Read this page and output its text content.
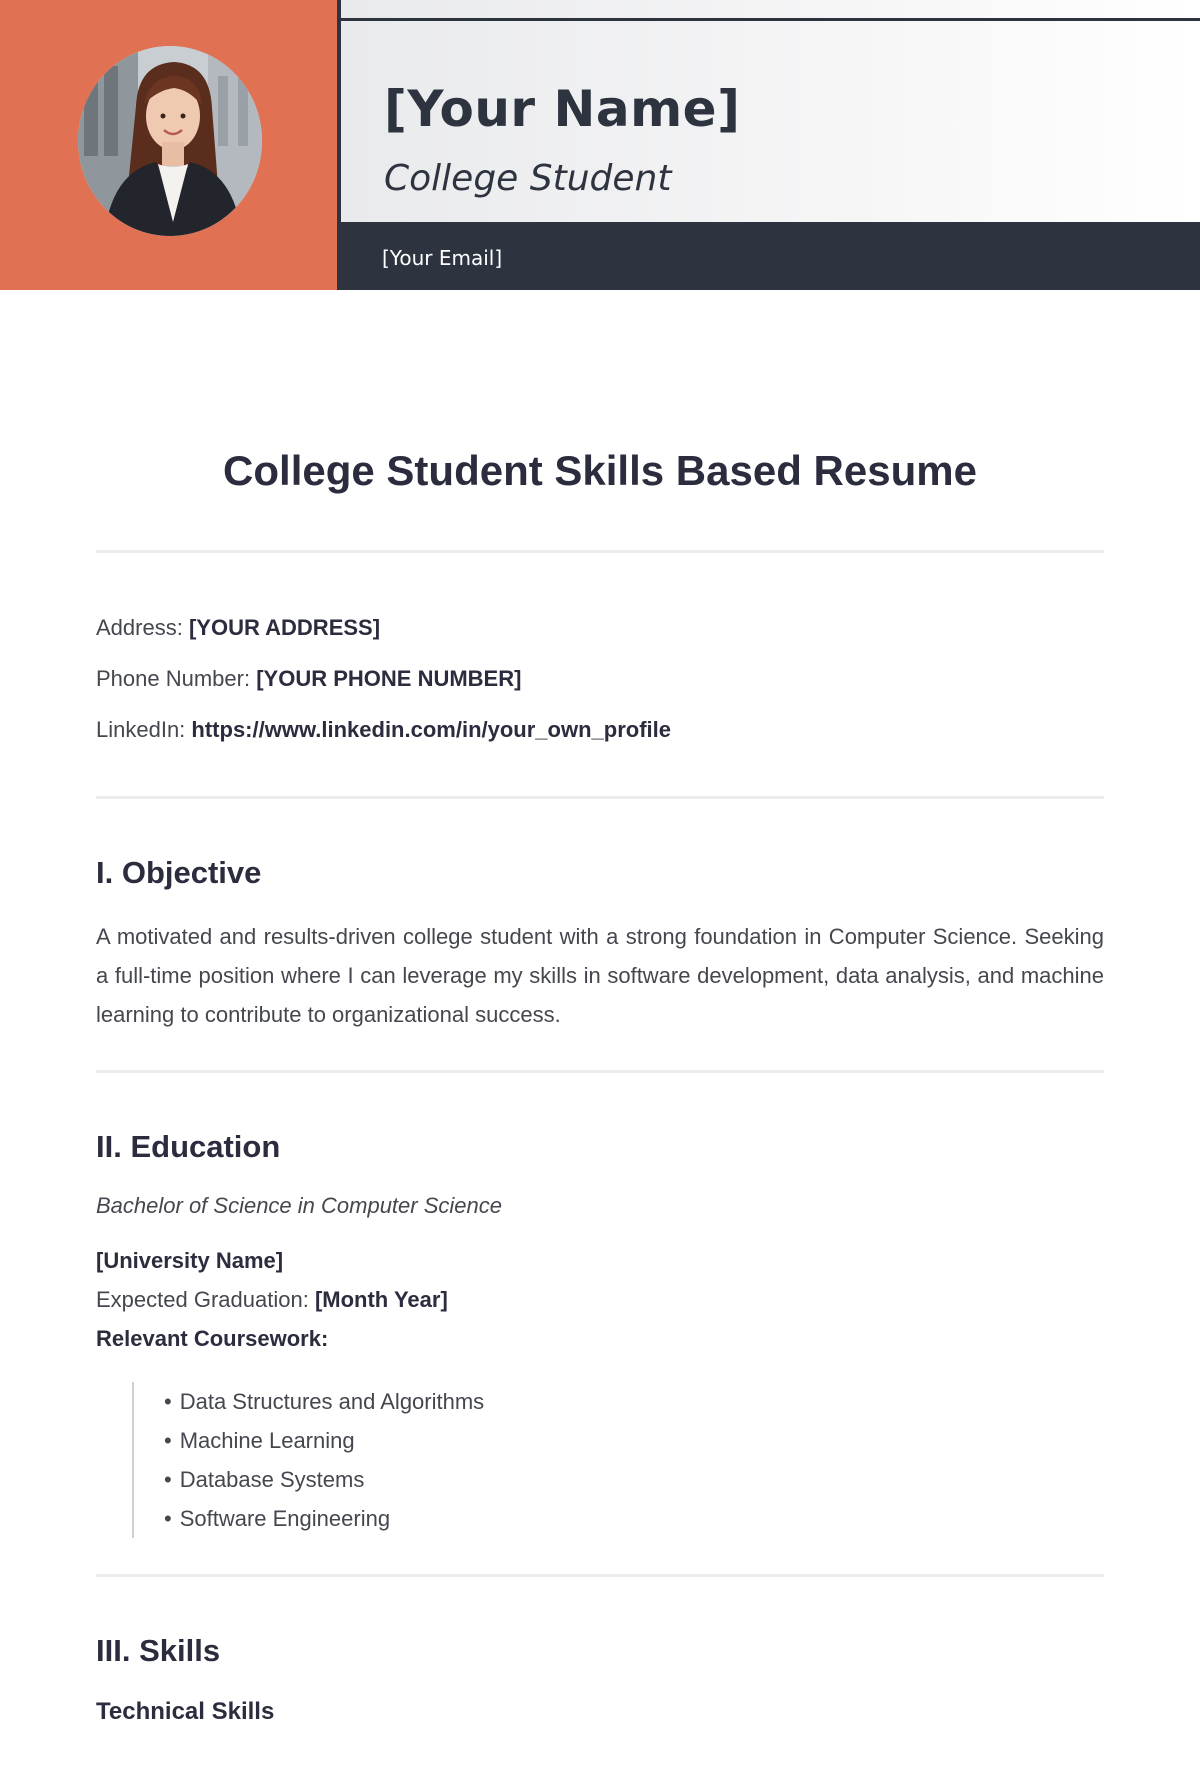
[Your Name]
College Student
[Your Email]
College Student Skills Based Resume
Address: [YOUR ADDRESS]
Phone Number: [YOUR PHONE NUMBER]
LinkedIn: https://www.linkedin.com/in/your_own_profile
I. Objective

A motivated and results-driven college student with a strong foundation in Computer Science. Seeking a full-time position where I can leverage my skills in software development, data analysis, and machine learning to contribute to organizational success.

II. Education

Bachelor of Science in Computer Science

[University Name]
Expected Graduation: [Month Year]
Relevant Coursework:
• Data Structures and Algorithms
• Machine Learning
• Database Systems
• Software Engineering
III. Skills
Technical Skills
